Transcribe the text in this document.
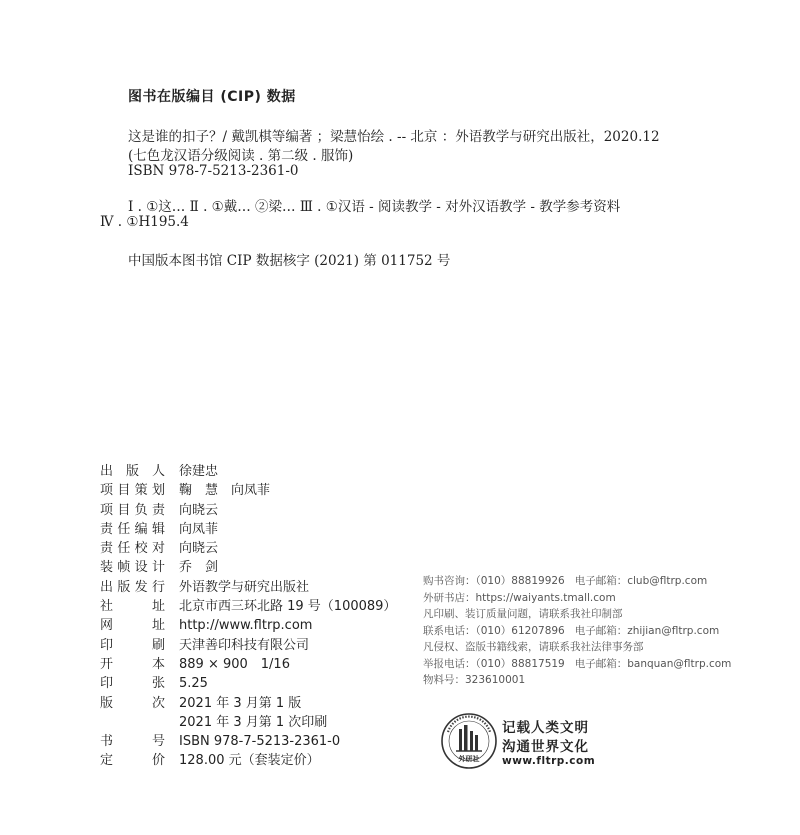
图书在版编目 (CIP) 数据
这是谁的扣子？/ 戴凯棋等编著 ；梁慧怡绘 . -- 北京 ：外语教学与研究出版社，2020.12
(七色龙汉语分级阅读 . 第二级 . 服饰)
ISBN 978-7-5213-2361-0
Ⅰ . ①这… Ⅱ . ①戴… ②梁… Ⅲ . ①汉语 - 阅读教学 - 对外汉语教学 - 教学参考资料
Ⅳ . ①H195.4
中国版本图书馆 CIP 数据核字 (2021) 第 011752 号
出版人 徐建忠
项目策划 鞠　慧　向凤菲
项目负责 向晓云
责任编辑 向凤菲
责任校对 向晓云
装帧设计 乔　剑
出版发行 外语教学与研究出版社
社址 北京市西三环北路 19 号（100089）
网址 http://www.fltrp.com
印刷 天津善印科技有限公司
开本 889 × 900　1/16
印张 5.25
版次 2021 年 3 月第 1 版
2021 年 3 月第 1 次印刷
书号 ISBN 978-7-5213-2361-0
定价 128.00 元（套装定价）
购书咨询：（010）88819926 电子邮箱：club@fltrp.com
外研书店：https://waiyants.tmall.com
凡印刷、装订质量问题，请联系我社印制部
联系电话：（010）61207896 电子邮箱：zhijian@fltrp.com
凡侵权、盗版书籍线索，请联系我社法律事务部
举报电话：（010）88817519 电子邮箱：banquan@fltrp.com
物料号：323610001
外研社
记载人类文明
沟通世界文化
www.fltrp.com
